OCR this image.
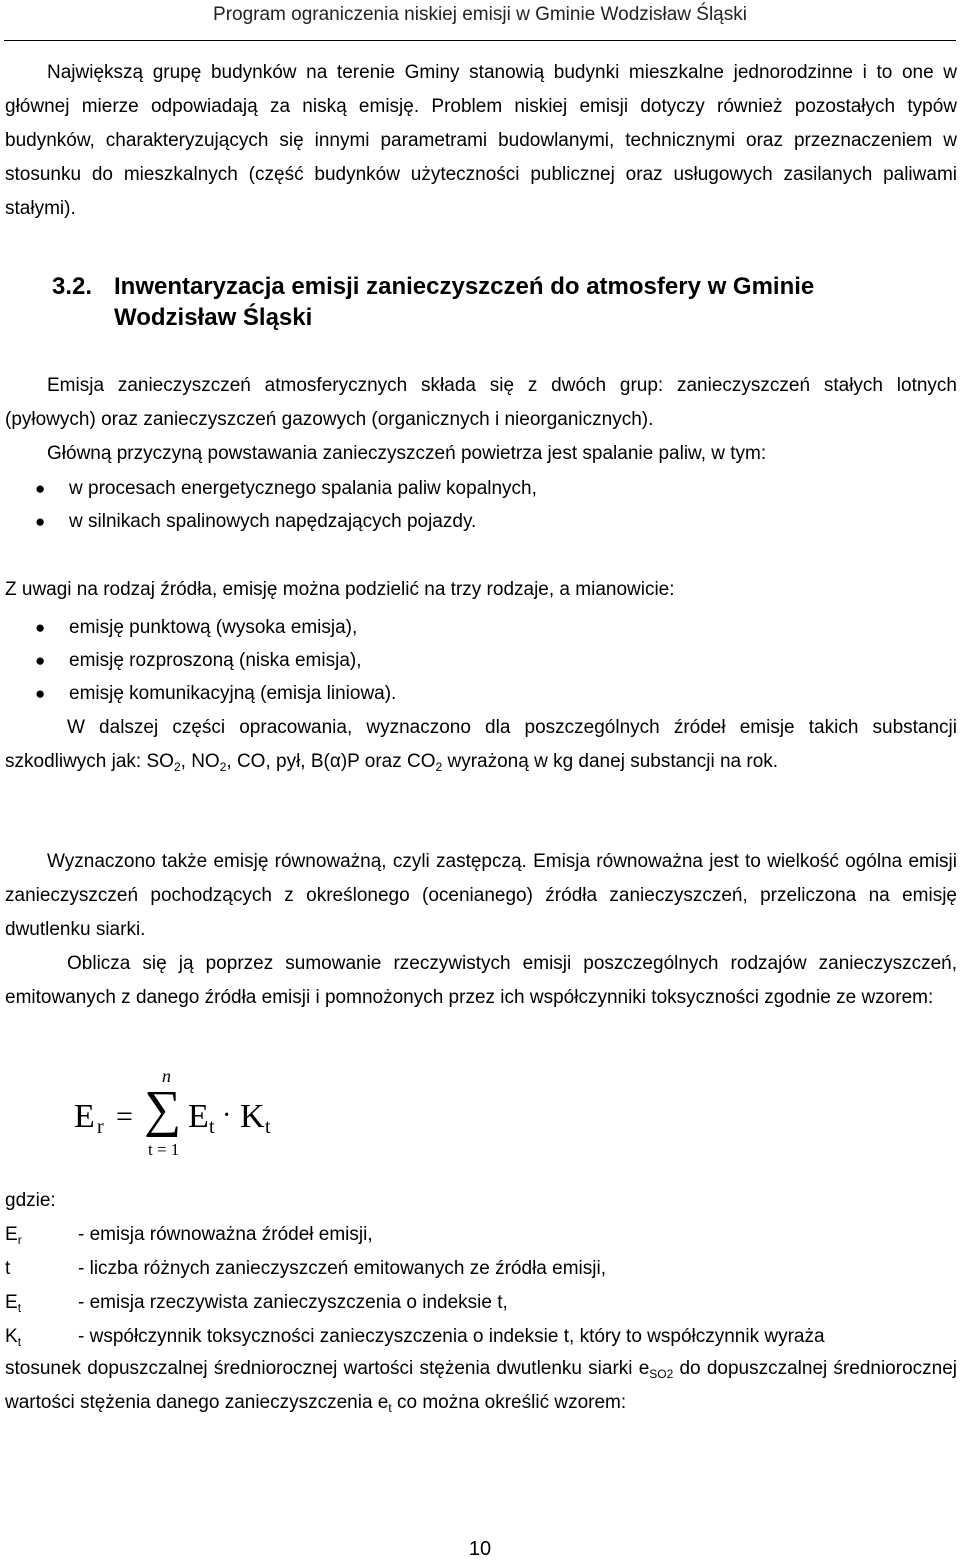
Program ograniczenia niskiej emisji w Gminie Wodzisław Śląski

Największą grupę budynków na terenie Gminy stanowią budynki mieszkalne jednorodzinne i to one w głównej mierze odpowiadają za niską emisję. Problem niskiej emisji dotyczy również pozostałych typów budynków, charakteryzujących się innymi parametrami budowlanymi, technicznymi oraz przeznaczeniem w stosunku do mieszkalnych (część budynków użyteczności publicznej oraz usługowych zasilanych paliwami stałymi).

3.2. Inwentaryzacja emisji zanieczyszczeń do atmosfery w Gminie
Wodzisław Śląski

Emisja zanieczyszczeń atmosferycznych składa się z dwóch grup: zanieczyszczeń stałych lotnych (pyłowych) oraz zanieczyszczeń gazowych (organicznych i nieorganicznych).

Główną przyczyną powstawania zanieczyszczeń powietrza jest spalanie paliw, w tym:

● w procesach energetycznego spalania paliw kopalnych,
● w silnikach spalinowych napędzających pojazdy.

Z uwagi na rodzaj źródła, emisję można podzielić na trzy rodzaje, a mianowicie:

● emisję punktową (wysoka emisja),
● emisję rozproszoną (niska emisja),
● emisję komunikacyjną (emisja liniowa).

W dalszej części opracowania, wyznaczono dla poszczególnych źródeł emisje takich substancji szkodliwych jak: $SO_2$, $NO_2$, CO, pył, B(α)P oraz $CO_2$ wyrażoną w kg danej substancji na rok.

Wyznaczono także emisję równoważną, czyli zastępczą. Emisja równoważna jest to wielkość ogólna emisji zanieczyszczeń pochodzących z określonego (ocenianego) źródła zanieczyszczeń, przeliczona na emisję dwutlenku siarki.

Oblicza się ją poprzez sumowanie rzeczywistych emisji poszczególnych rodzajów zanieczyszczeń, emitowanych z danego źródła emisji i pomnożonych przez ich współczynniki toksyczności zgodnie ze wzorem:

E r =
n
∑
t = 1
E t · K t
gdzie:
$E_r$	- emisja równoważna źródeł emisji,
t	- liczba różnych zanieczyszczeń emitowanych ze źródła emisji,
$E_t$	- emisja rzeczywista zanieczyszczenia o indeksie t,
$K_t$	- współczynnik toksyczności zanieczyszczenia o indeksie t, który to współczynnik wyraża

stosunek dopuszczalnej średniorocznej wartości stężenia dwutlenku siarki $e_{SO2}$ do dopuszczalnej średniorocznej wartości stężenia danego zanieczyszczenia $e_t$ co można określić wzorem:

10
